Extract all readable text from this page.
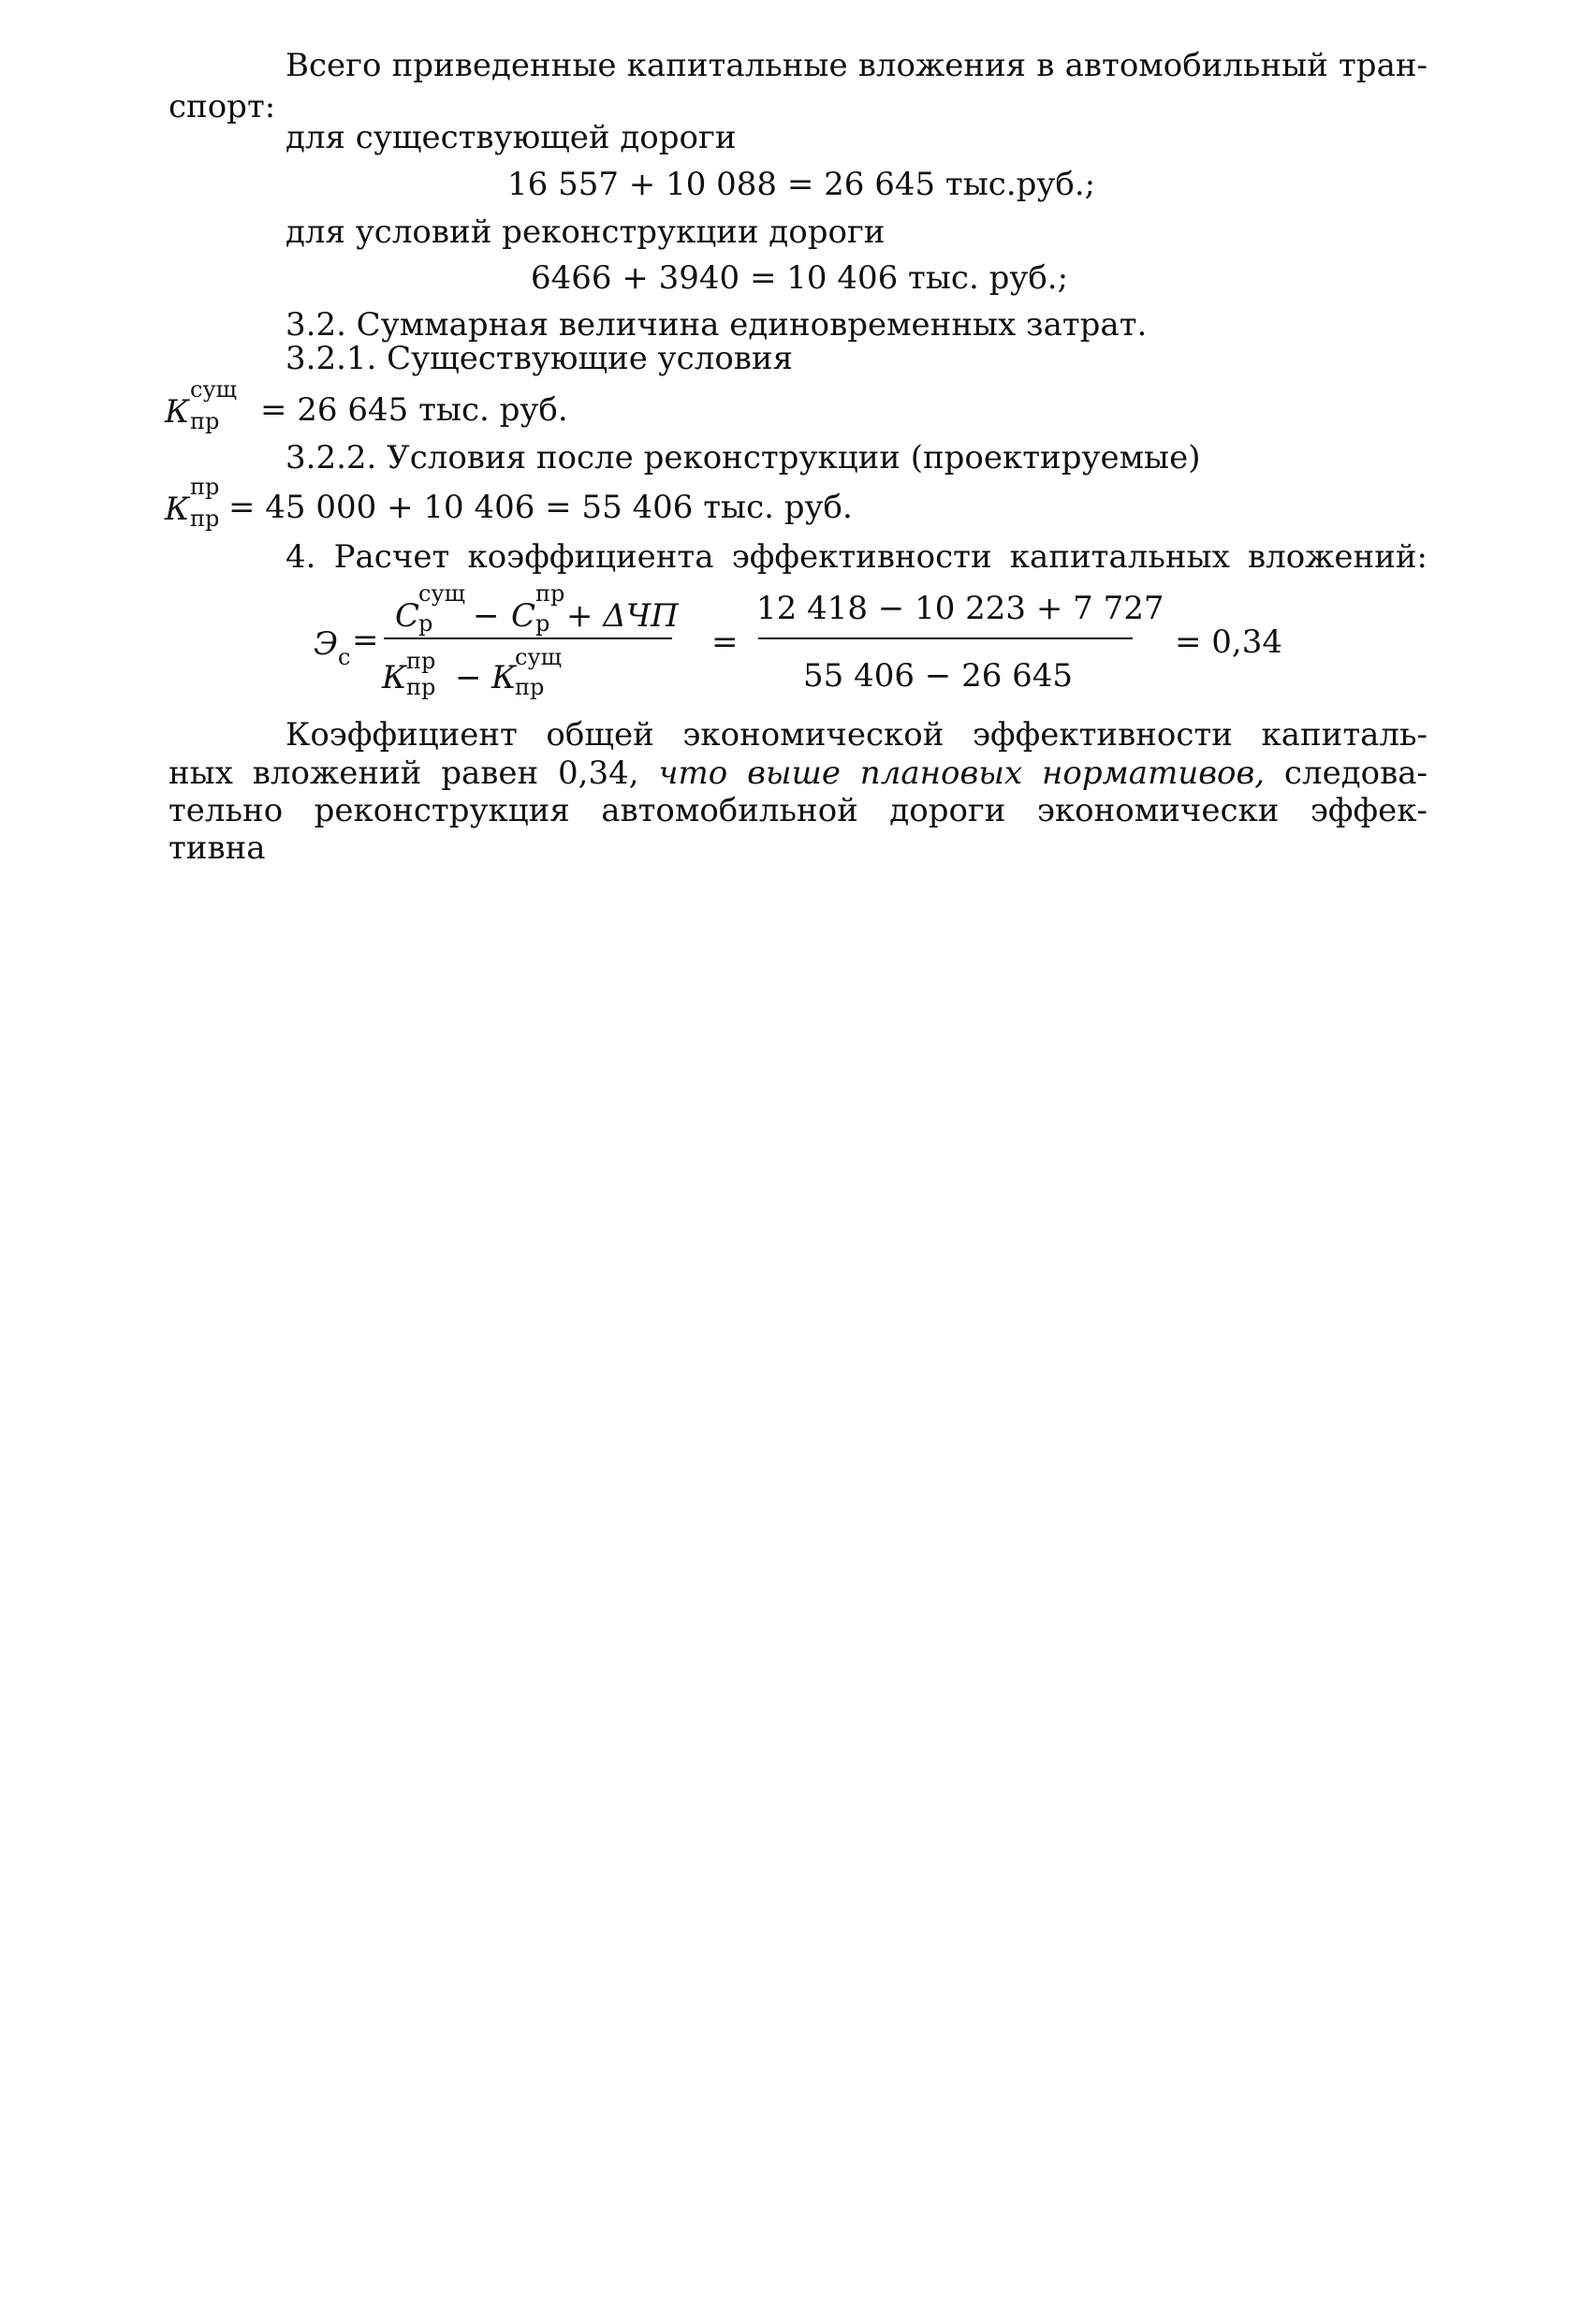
Всего приведенные капитальные вложения в автомобильный тран-
спорт:
для существующей дороги
16 557 + 10 088 = 26 645 тыс.руб.;
для условий реконструкции дороги
6466 + 3940 = 10 406 тыс. руб.;
3.2. Суммарная величина единовременных затрат.
3.2.1. Существующие условия
К
сущ
пр = 26 645 тыс. руб.
3.2.2. Условия после реконструкции (проектируемые)
К
пр
пр = 45 000 + 10 406 = 55 406 тыс. руб.
4. Расчет коэффициента эффективности капитальных вложений:
Э с =
С
сущ
р − С
пр
р + ΔЧП
К пр
пр − К
сущ
пр
=
12 418 − 10 223 + 7 727
55 406 − 26 645
= 0,34
Коэффициент общей экономической эффективности капиталь-
ных вложений равен 0,34, что выше плановых нормативов, следова-
тельно реконструкция автомобильной дороги экономически эффек-
тивна
